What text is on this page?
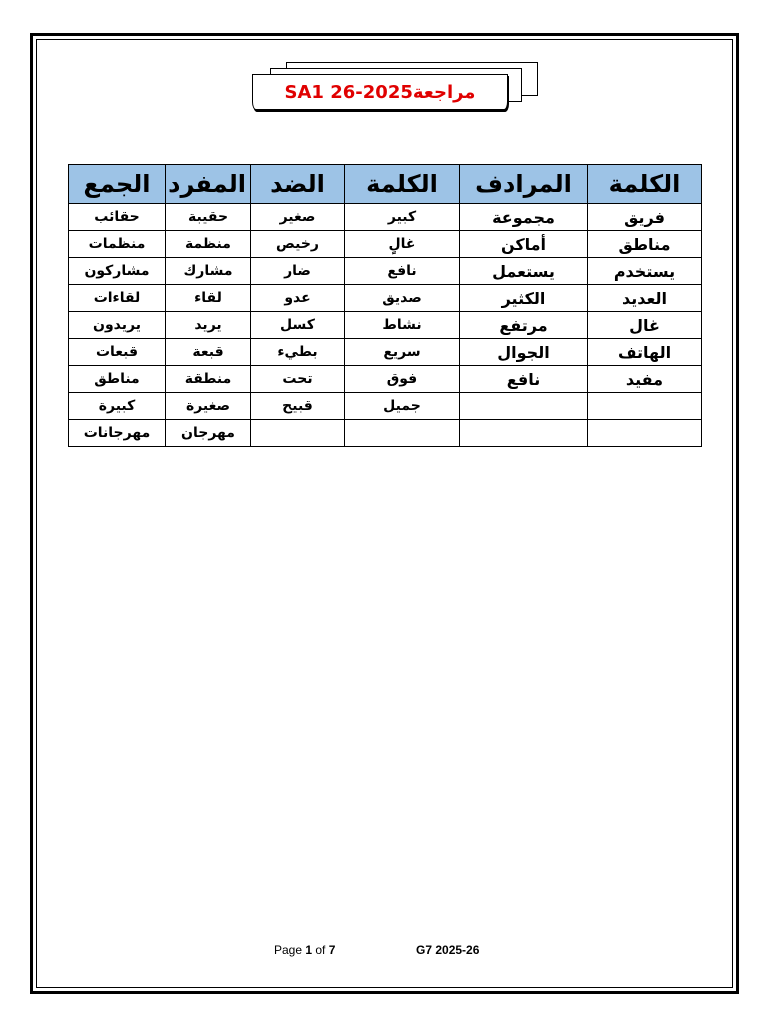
مراجعة2025-26 SA1
الكلمة	المرادف	الكلمة	الضد	المفرد	الجمع
فريق	مجموعة	كبير	صغير	حقيبة	حقائب
مناطق	أماكن	غالٍ	رخيص	منظمة	منظمات
يستخدم	يستعمل	نافع	ضار	مشارك	مشاركون
العديد	الكثير	صديق	عدو	لقاء	لقاءات
غال	مرتفع	نشاط	كسل	يريد	يريدون
الهاتف	الجوال	سريع	بطيء	قبعة	قبعات
مفيد	نافع	فوق	تحت	منطقة	مناطق
		جميل	قبيح	صغيرة	كبيرة
				مهرجان	مهرجانات
Page 1 of 7	G7 2025-26
